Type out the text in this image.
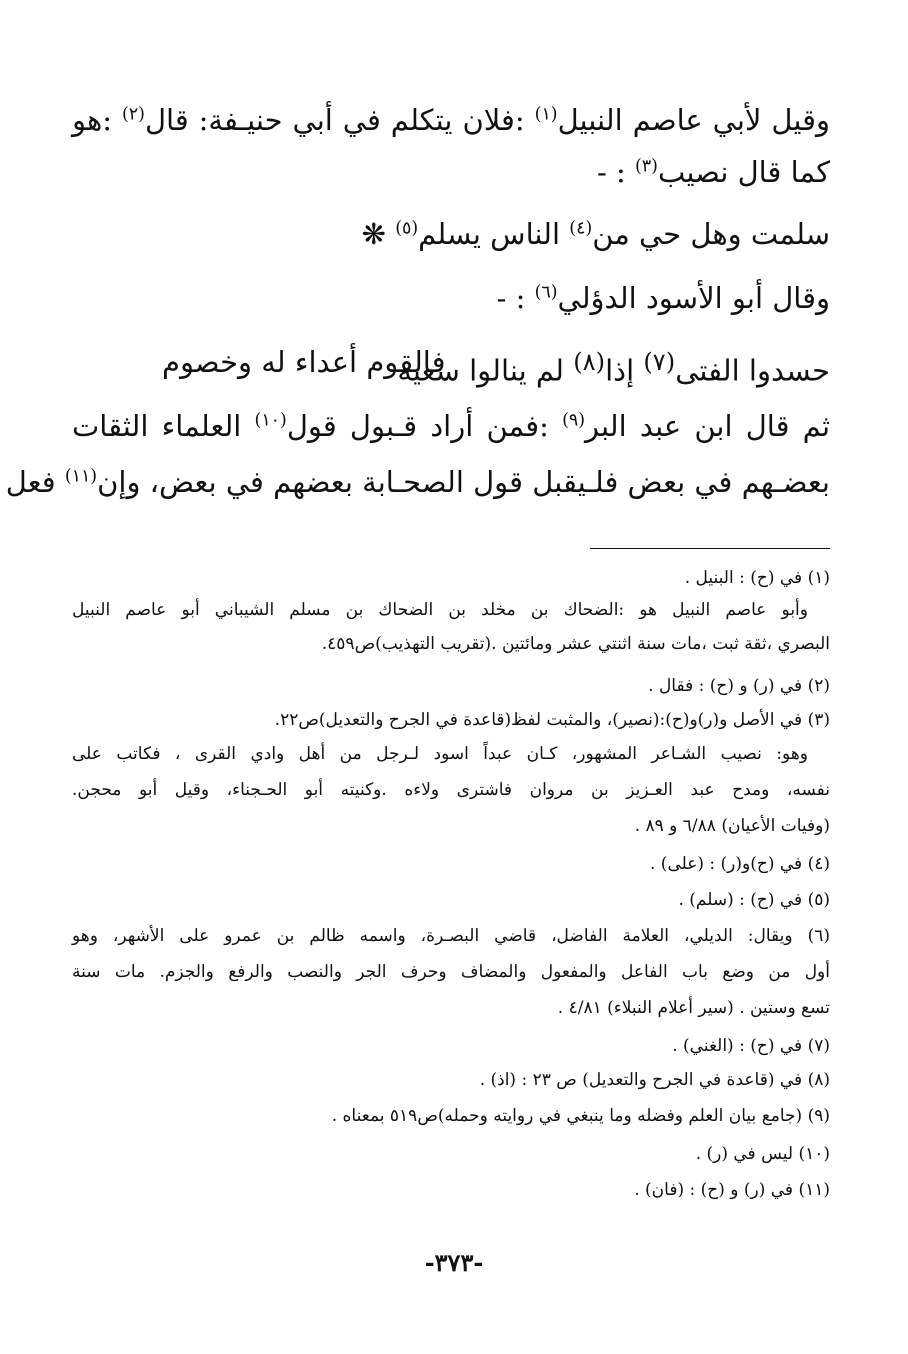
وقيل لأبي عاصم النبيل$^{(١)}$ :فلان يتكلم في أبي حنيـفة: قال$^{(٢)}$ :هو
كما قال نصيب$^{(٣)}$ : -
سلمت وهل حي من$^{(٤)}$ الناس يسلم$^{(٥)}$ ❋
وقال أبو الأسود الدؤلي$^{(٦)}$ : -
حسدوا الفتى$^{(٧)}$ إذا$^{(٨)}$ لم ينالوا سعيه
فالقوم أعداء له وخصوم
ثم قال ابن عبد البر$^{(٩)}$ :فمن أراد قـبول قول$^{(١٠)}$ العلماء الثقات
بعضـهم في بعض فلـيقبل قول الصحـابة بعضهم في بعض، وإن$^{(١١)}$ فعل
(١) في (ح) : البنيل .
وأبو عاصم النبيل هو :الضحاك بن مخلد بن الضحاك بن مسلم الشيباني أبو عاصم النبيل
البصري ،ثقة ثبت ،مات سنة اثنتي عشر ومائتين .(تقريب التهذيب)ص٤٥٩.
(٢) في (ر) و (ح) : فقال .
(٣) في الأصل و(ر)و(ح):(نصير)، والمثبت لفظ(قاعدة في الجرح والتعديل)ص٢٢.
وهو: نصيب الشـاعر المشهور، كـان عبداً اسود لـرجل من أهل وادي القرى ، فكاتب على
نفسه، ومدح عبد العـزيز بن مروان فاشترى ولاءه .وكنيته أبو الحـجناء، وقيل أبو محجن.
(وفيات الأعيان) ٦/٨٨ و ٨٩ .
(٤) في (ح)و(ر) : (على) .
(٥) في (ح) : (سلم) .
(٦) ويقال: الديلي، العلامة الفاضل، قاضي البصـرة، واسمه ظالم بن عمرو على الأشهر، وهو
أول من وضع باب الفاعل والمفعول والمضاف وحرف الجر والنصب والرفع والجزم. مات سنة
تسع وستين . (سير أعلام النبلاء) ٤/٨١ .
(٧) في (ح) : (الغني) .
(٨) في (قاعدة في الجرح والتعديل) ص ٢٣ : (اذ) .
(٩) (جامع بيان العلم وفضله وما ينبغي في روايته وحمله)ص٥١٩ بمعناه .
(١٠) ليس في (ر) .
(١١) في (ر) و (ح) : (فان) .
-٣٧٣-
